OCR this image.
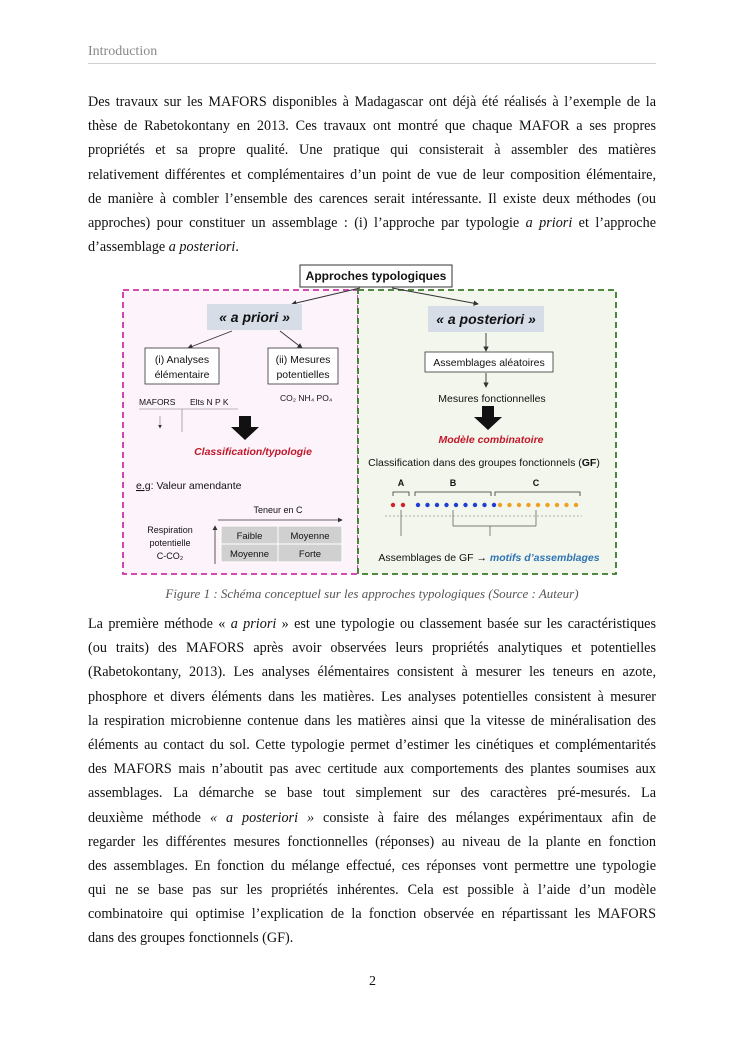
Introduction
Des travaux sur les MAFORS disponibles à Madagascar ont déjà été réalisés à l’exemple de la
thèse de Rabetokontany en 2013. Ces travaux ont montré que chaque MAFOR a ses propres
propriétés et sa propre qualité. Une pratique qui consisterait à assembler des matières
relativement différentes et complémentaires d’un point de vue de leur composition élémentaire,
de manière à combler l’ensemble des carences serait intéressante. Il existe deux méthodes (ou
approches) pour constituer un assemblage : (i) l’approche par typologie a priori et l’approche
d’assemblage a posteriori.
Approches typologiques
« a priori »
(i) Analyses
élémentaire
(ii) Mesures
potentielles
MAFORS Elts N P K	CO₂ NH₄ PO₄
Classification/typologie
e.g: Valeur amendante
Teneur en C
Respiration
potentielle
C-CO₂
Faible	Moyenne
Moyenne	Forte
« a posteriori »
Assemblages aléatoires
Mesures fonctionnelles
Modèle combinatoire
Classification dans des groupes fonctionnels (GF)
A	B	C
Assemblages de GF → motifs d’assemblages
Figure 1 : Schéma conceptuel sur les approches typologiques (Source : Auteur)
La première méthode « a priori » est une typologie ou classement basée sur les caractéristiques
(ou traits) des MAFORS après avoir observées leurs propriétés analytiques et potentielles
(Rabetokontany, 2013). Les analyses élémentaires consistent à mesurer les teneurs en azote,
phosphore et divers éléments dans les matières. Les analyses potentielles consistent à mesurer
la respiration microbienne contenue dans les matières ainsi que la vitesse de minéralisation des
éléments au contact du sol. Cette typologie permet d’estimer les cinétiques et complémentarités
des MAFORS mais n’aboutit pas avec certitude aux comportements des plantes soumises aux
assemblages. La démarche se base tout simplement sur des caractères pré-mesurés. La
deuxième méthode « a posteriori » consiste à faire des mélanges expérimentaux afin de
regarder les différentes mesures fonctionnelles (réponses) au niveau de la plante en fonction
des assemblages. En fonction du mélange effectué, ces réponses vont permettre une typologie
qui ne se base pas sur les propriétés inhérentes. Cela est possible à l’aide d’un modèle
combinatoire qui optimise l’explication de la fonction observée en répartissant les MAFORS
dans des groupes fonctionnels (GF).
2
